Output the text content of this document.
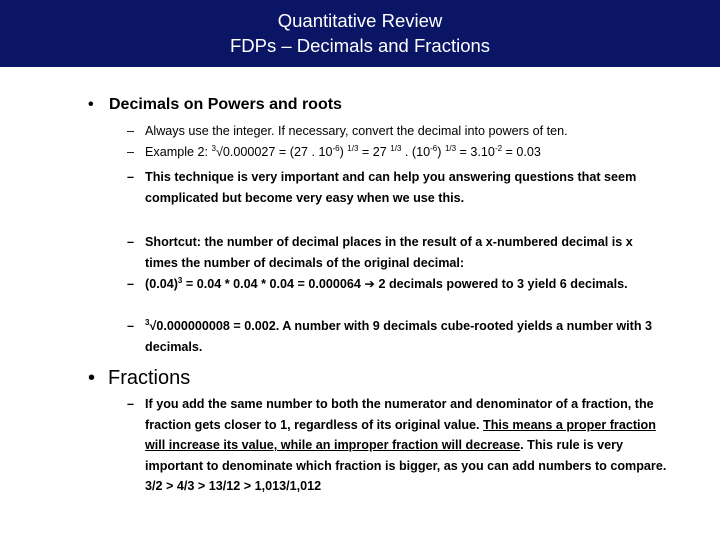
Quantitative Review
FDPs – Decimals and Fractions
• Decimals on Powers and roots
– Always use the integer. If necessary, convert the decimal into powers of ten.
– Example 2: $^3$√0.000027 = (27 . $10^{-6}$) $^{1/3}$ = 27 $^{1/3}$ . $(10^{-6}) ^{1/3} = 3.10^{-2} = 0.03$
– This technique is very important and can help you answering questions that seem complicated but become very easy when we use this.
– Shortcut: the number of decimal places in the result of a x-numbered decimal is x times the number of decimals of the original decimal:
– $(0.04)^3 = 0.04 * 0.04 * 0.04 = 0.000064$ ➔ 2 decimals powered to 3 yield 6 decimals.
– $^3$√0.000000008 = 0.002. A number with 9 decimals cube-rooted yields a number with 3 decimals.
• Fractions
– If you add the same number to both the numerator and denominator of a fraction, the fraction gets closer to 1, regardless of its original value. This means a proper fraction will increase its value, while an improper fraction will decrease. This rule is very important to denominate which fraction is bigger, as you can add numbers to compare. 3/2 > 4/3 > 13/12 > 1,013/1,012
